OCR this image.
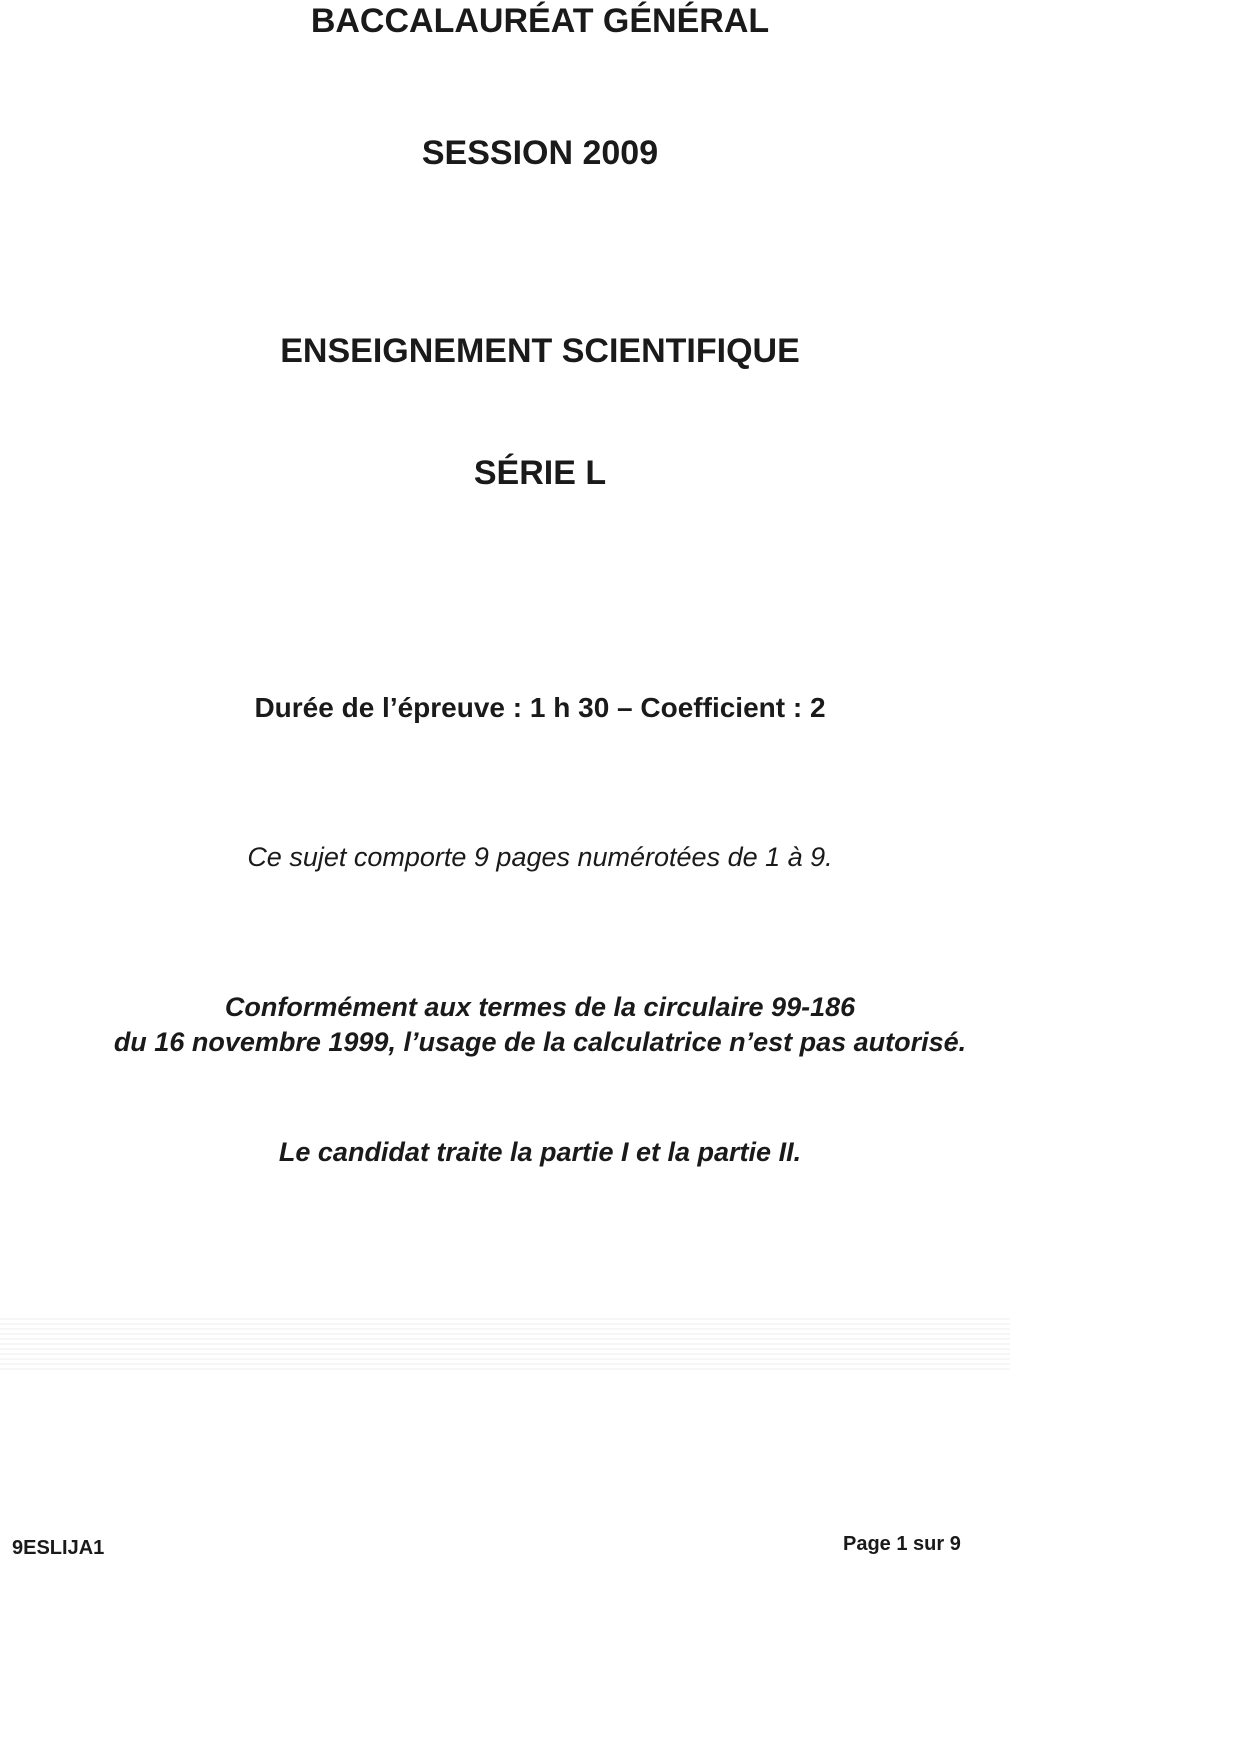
BACCALAURÉAT GÉNÉRAL
SESSION 2009
ENSEIGNEMENT SCIENTIFIQUE
SÉRIE L

Durée de l’épreuve : 1 h 30 – Coefficient : 2

Ce sujet comporte 9 pages numérotées de 1 à 9.

Conformément aux termes de la circulaire 99-186

du 16 novembre 1999, l’usage de la calculatrice n’est pas autorisé.

Le candidat traite la partie I et la partie II.

9ESLIJA1	Page 1 sur 9
